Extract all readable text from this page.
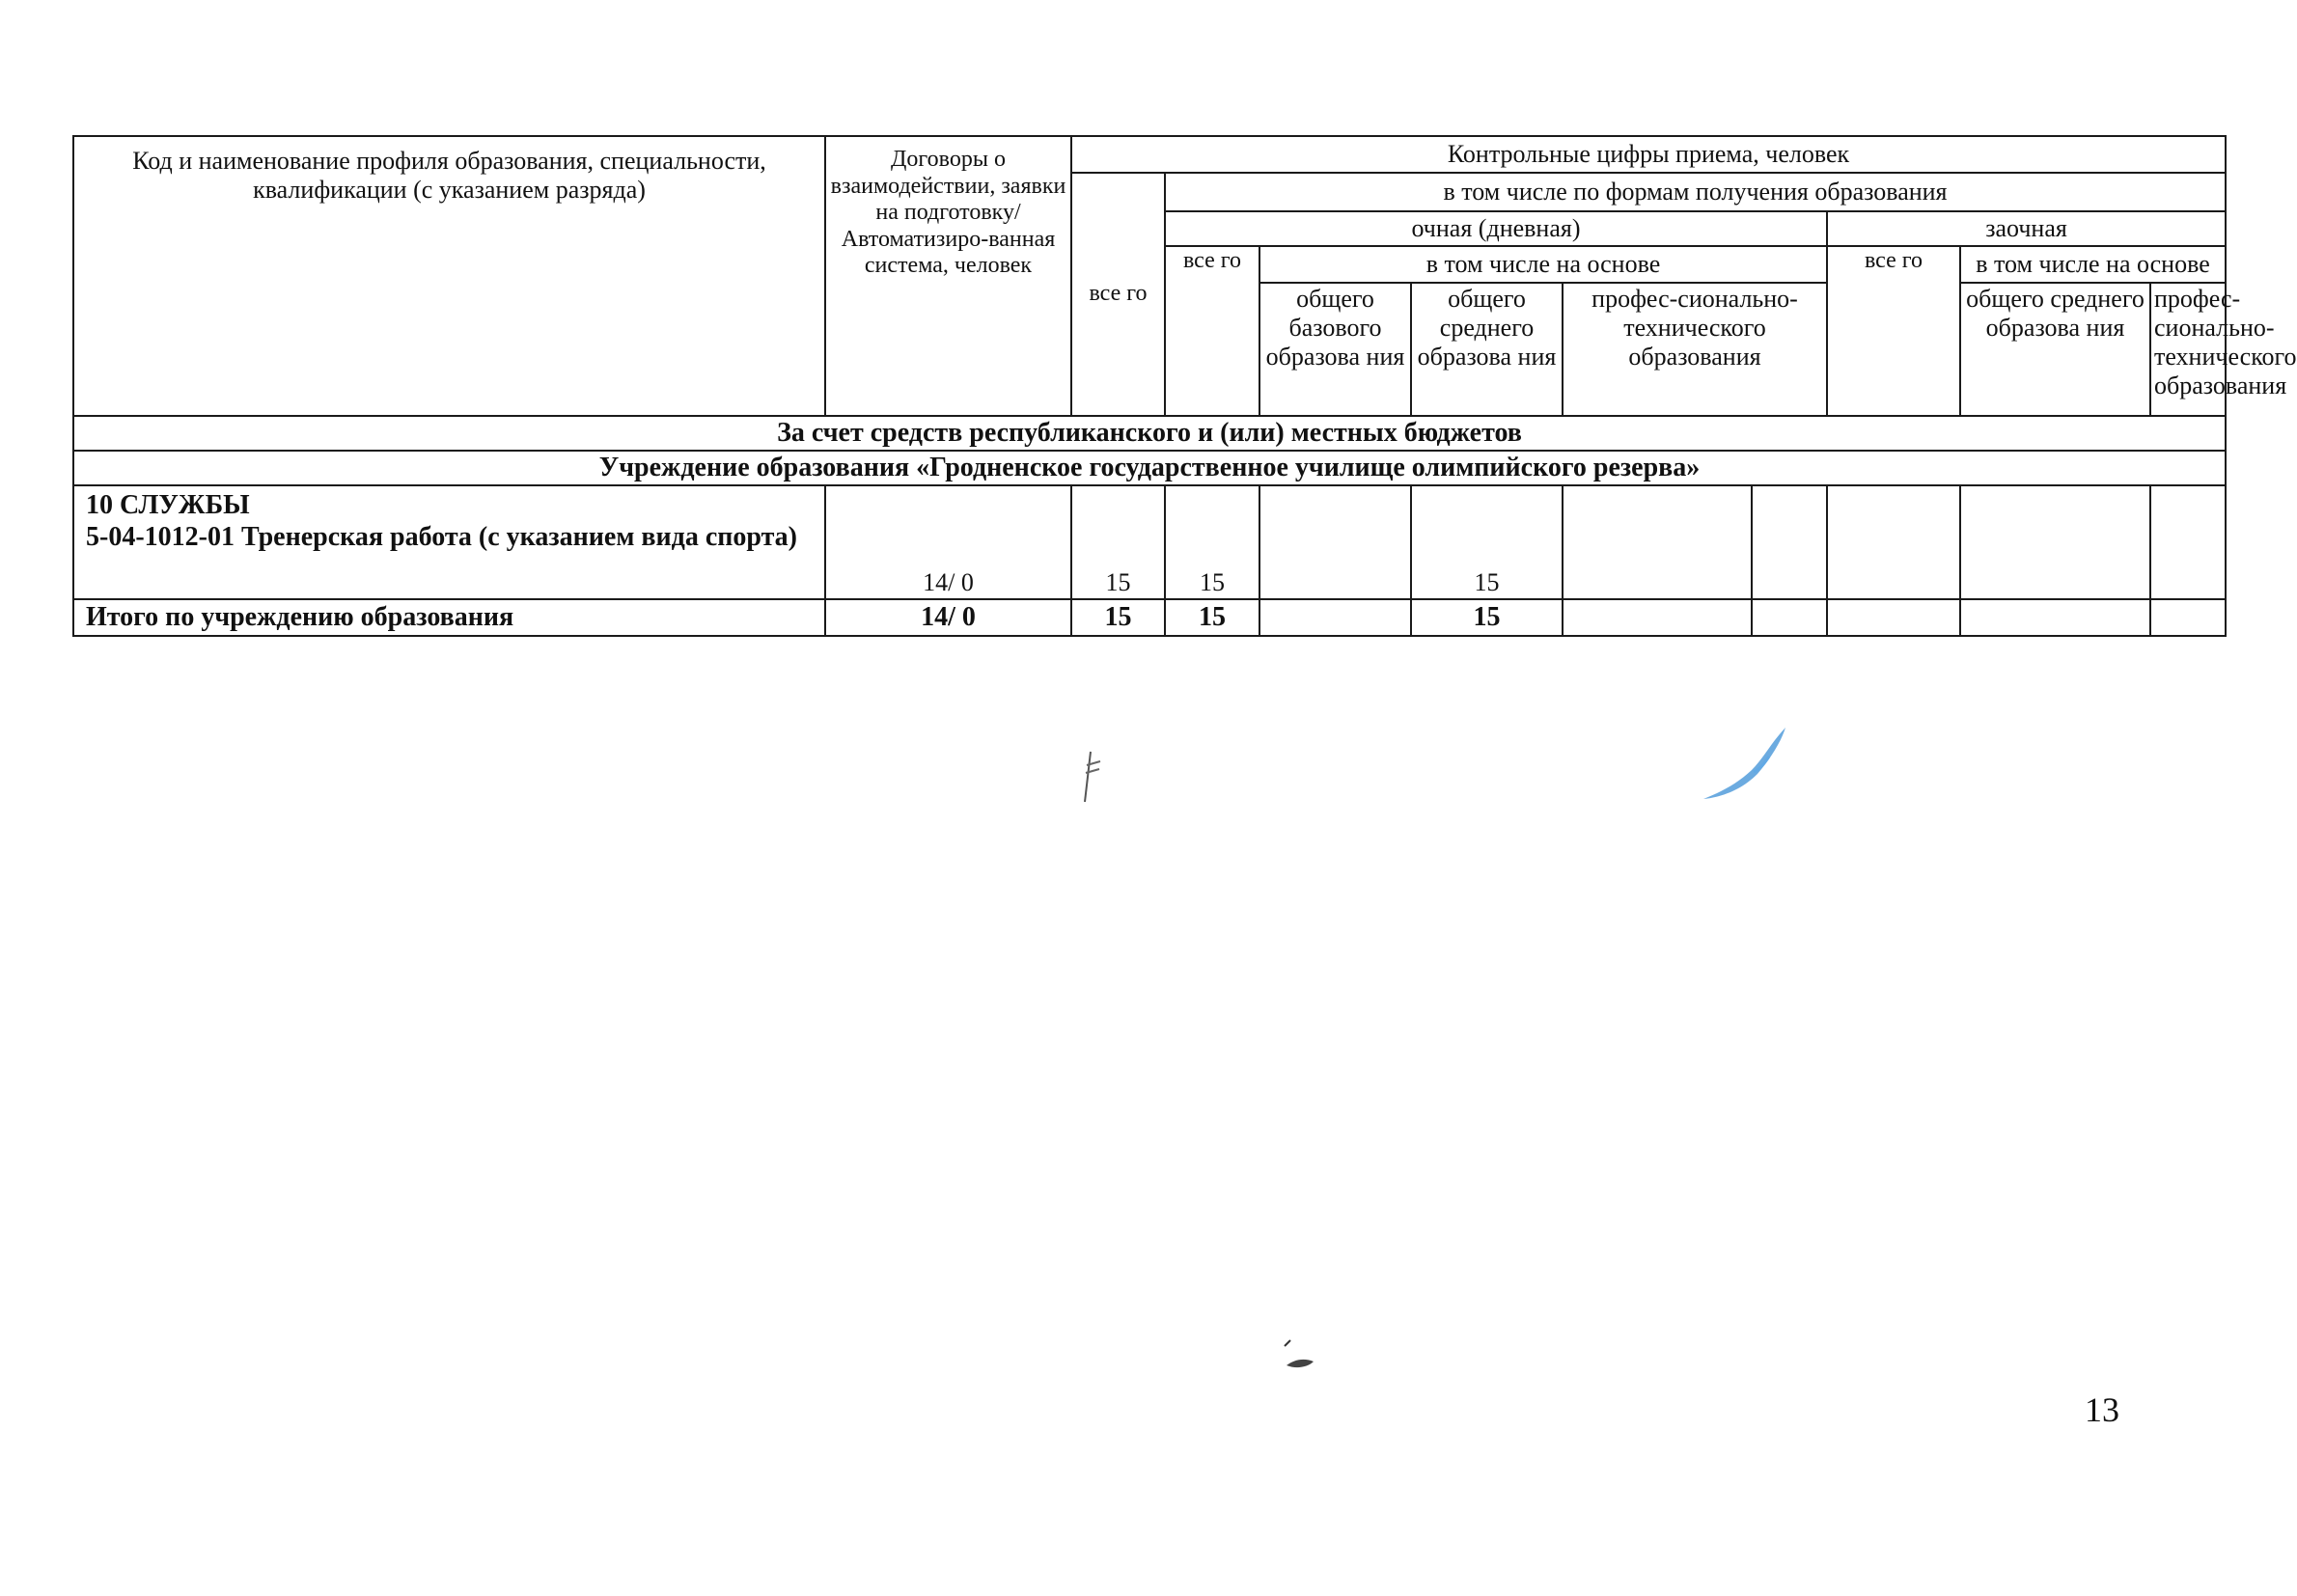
Код и наименование профиля образования, специальности, квалификации (с указанием разряда)	Договоры о взаимодействии, заявки на подготовку/ Автоматизиро-ванная система, человек	Контрольные цифры приема, человек									
		все го	в том числе по формам получения образования								
			очная (дневная)					заочная	
			все го	в том числе на основе				все го	в том числе на основе		
				общего базового образова ния	общего среднего образова ния	профес-сионально-технического образования			общего среднего образова ния	профес-сионально-технического образования	
За счет средств республиканского и (или) местных бюджетов											
Учреждение образования «Гродненское государственное училище олимпийского резерва»											

10 СЛУЖБЫ
5-04-1012-01 Тренерская работа (с указанием вида спорта)	14/ 0	15	15		15						
Итого по учреждению образования	14/ 0	15	15		15						
13
